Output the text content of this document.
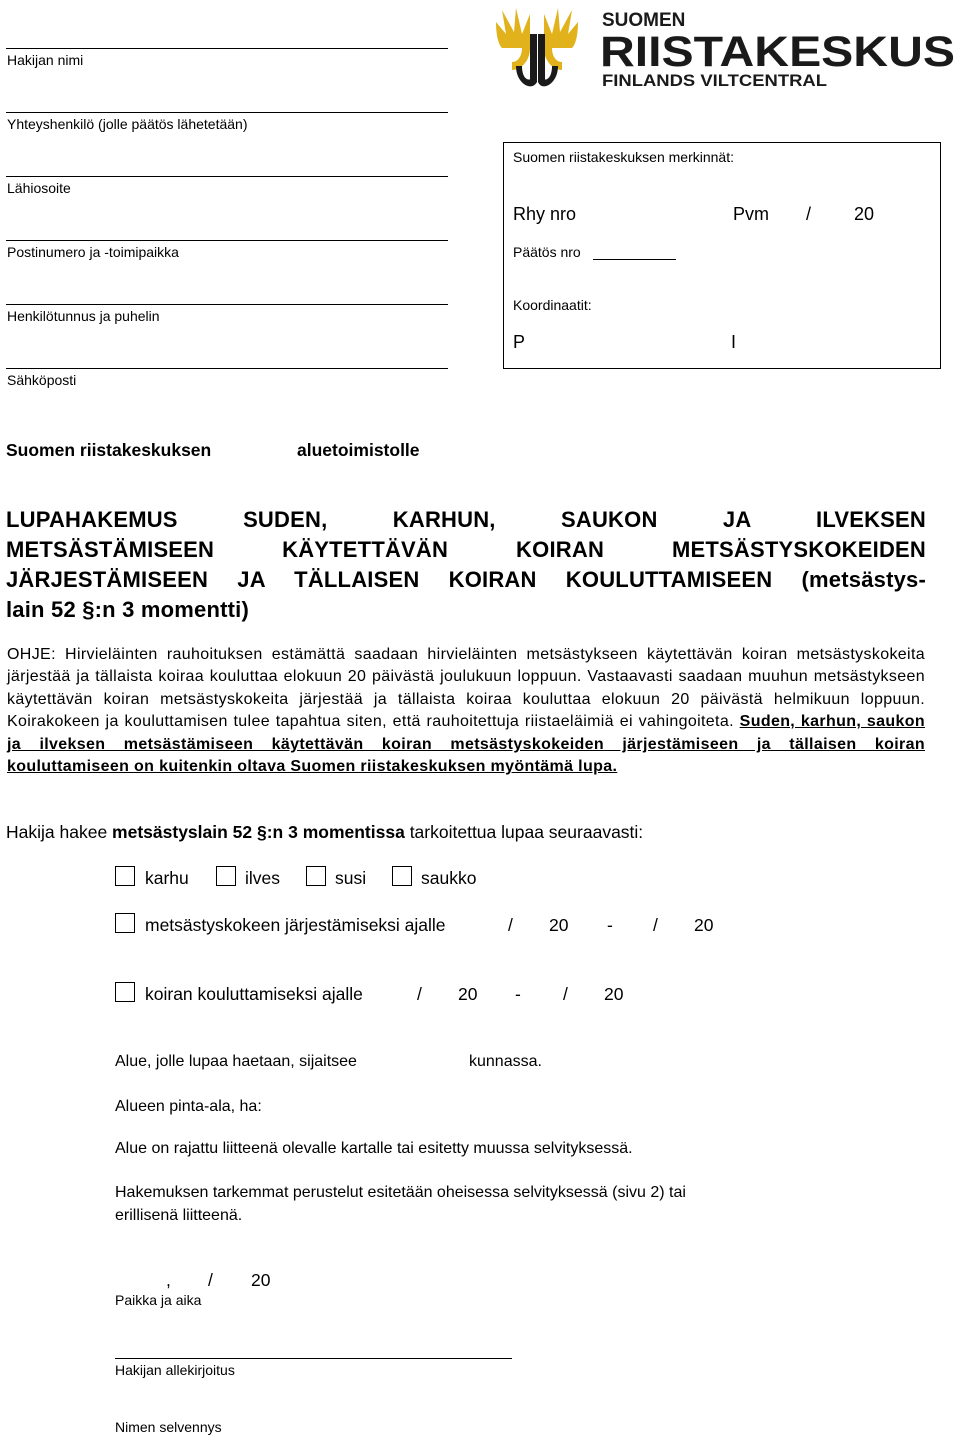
SUOMEN
RIISTAKESKUS
FINLANDS VILTCENTRAL
Hakijan nimi
Yhteyshenkilö (jolle päätös lähetetään)
Lähiosoite
Postinumero ja -toimipaikka
Henkilötunnus ja puhelin
Sähköposti
Suomen riistakeskuksen merkinnät:
Rhy nro	Pvm / 20
Päätös nro
Koordinaatit:
P	I
Suomen riistakeskuksen	aluetoimistolle
LUPAHAKEMUS SUDEN, KARHUN, SAUKON JA ILVEKSEN
METSÄSTÄMISEEN KÄYTETTÄVÄN KOIRAN METSÄSTYSKOKEIDEN
JÄRJESTÄMISEEN JA TÄLLAISEN KOIRAN KOULUTTAMISEEN (metsästys-
lain 52 §:n 3 momentti)
OHJE: Hirvieläinten rauhoituksen estämättä saadaan hirvieläinten metsästykseen käytettävän koiran metsästyskokeita järjestää ja tällaista koiraa kouluttaa elokuun 20 päivästä joulukuun loppuun. Vastaavasti saadaan muuhun metsästykseen käytettävän koiran metsästyskokeita järjestää ja tällaista koiraa kouluttaa elokuun 20 päivästä helmikuun loppuun. Koirakokeen ja kouluttamisen tulee tapahtua siten, että rauhoitettuja riistaeläimiä ei vahingoiteta. Suden, karhun, saukon ja ilveksen metsästämiseen käytettävän koiran metsästyskokeiden järjestämiseen ja tällaisen koiran kouluttamiseen on kuitenkin oltava Suomen riistakeskuksen myöntämä lupa.
Hakija hakee metsästyslain 52 §:n 3 momentissa tarkoitettua lupaa seuraavasti:
karhu	ilves	susi	saukko
metsästyskokeen järjestämiseksi ajalle	/ 20 - / 20
koiran kouluttamiseksi ajalle	/ 20 - / 20
Alue, jolle lupaa haetaan, sijaitsee	kunnassa.
Alueen pinta-ala, ha:
Alue on rajattu liitteenä olevalle kartalle tai esitetty muussa selvityksessä.
Hakemuksen tarkemmat perustelut esitetään oheisessa selvityksessä (sivu 2) tai
erillisenä liitteenä.
, / 20
Paikka ja aika
Hakijan allekirjoitus
Nimen selvennys
